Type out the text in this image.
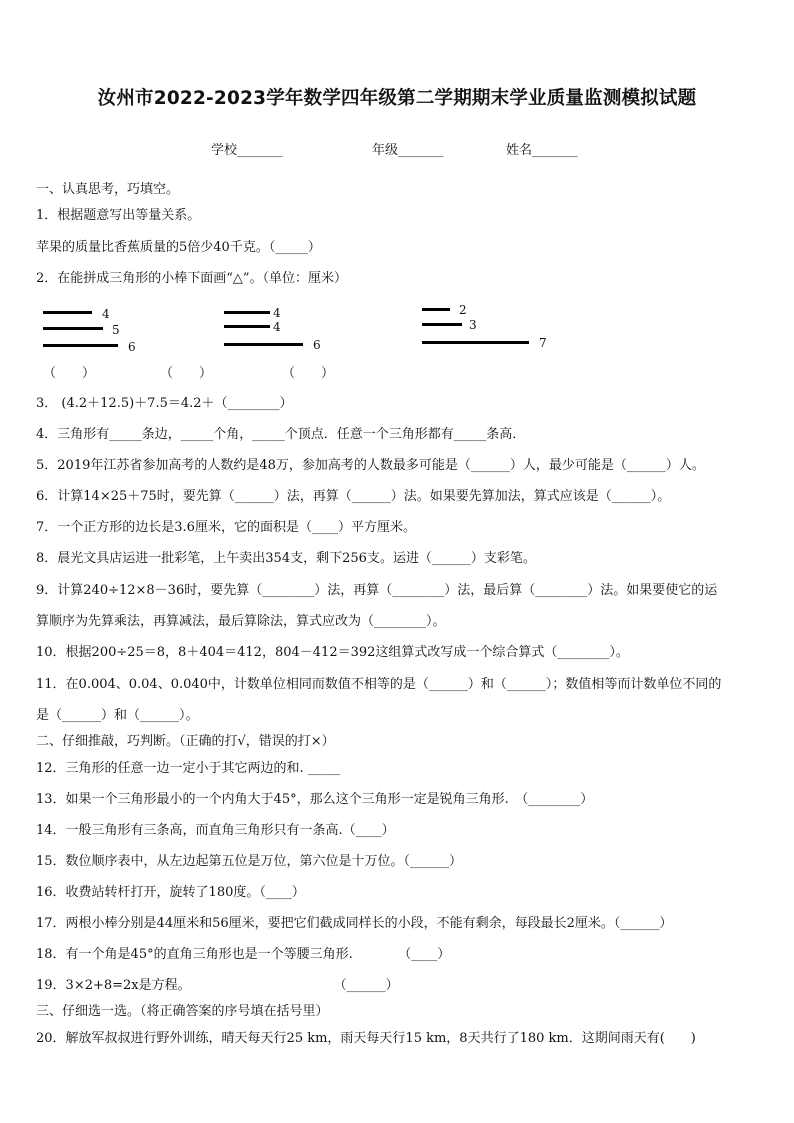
汝州市2022-2023学年数学四年级第二学期期末学业质量监测模拟试题
学校_______	年级_______	姓名_______
一、认真思考，巧填空。
1．根据题意写出等量关系。
苹果的质量比香蕉质量的5倍少40千克。（_____）
2．在能拼成三角形的小棒下面画“△”。（单位：厘米）
4
5
6
（　　）
4
4
6
（　　）
2
3
7
（　　）
3． (4.2＋12.5)＋7.5＝4.2＋（________）
4．三角形有_____条边，_____个角，_____个顶点．任意一个三角形都有_____条高．
5．2019年江苏省参加高考的人数约是48万，参加高考的人数最多可能是（______）人，最少可能是（______）人。
6．计算14×25＋75时，要先算（______）法，再算（______）法。如果要先算加法，算式应该是（______）。
7．一个正方形的边长是3.6厘米，它的面积是（____）平方厘米。
8．晨光文具店运进一批彩笔，上午卖出354支，剩下256支。运进（______）支彩笔。
9．计算240÷12×8－36时，要先算（________）法，再算（________）法，最后算（________）法。如果要使它的运
算顺序为先算乘法，再算减法，最后算除法，算式应改为（________）。
10．根据200÷25＝8，8＋404＝412，804－412＝392这组算式改写成一个综合算式（________）。
11．在0.004、0.04、0.040中，计数单位相同而数值不相等的是（______）和（______）；数值相等而计数单位不同的
是（______）和（______）。
二、仔细推敲，巧判断。（正确的打√，错误的打×）
12．三角形的任意一边一定小于其它两边的和. _____
13．如果一个三角形最小的一个内角大于45°，那么这个三角形一定是锐角三角形.　（________）
14．一般三角形有三条高，而直角三角形只有一条高.（____）
15．数位顺序表中，从左边起第五位是万位，第六位是十万位。（______）
16．收费站转杆打开，旋转了180度。（____）
17．两根小棒分别是44厘米和56厘米，要把它们截成同样长的小段，不能有剩余，每段最长2厘米。（______）
18．有一个角是45°的直角三角形也是一个等腰三角形.　　　　（____）
19．3×2+8=2x是方程。　　　　　　　　　　　　（______）
三、仔细选一选。（将正确答案的序号填在括号里）
20．解放军叔叔进行野外训练，晴天每天行25 km，雨天每天行15 km，8天共行了180 km．这期间雨天有(　　)
